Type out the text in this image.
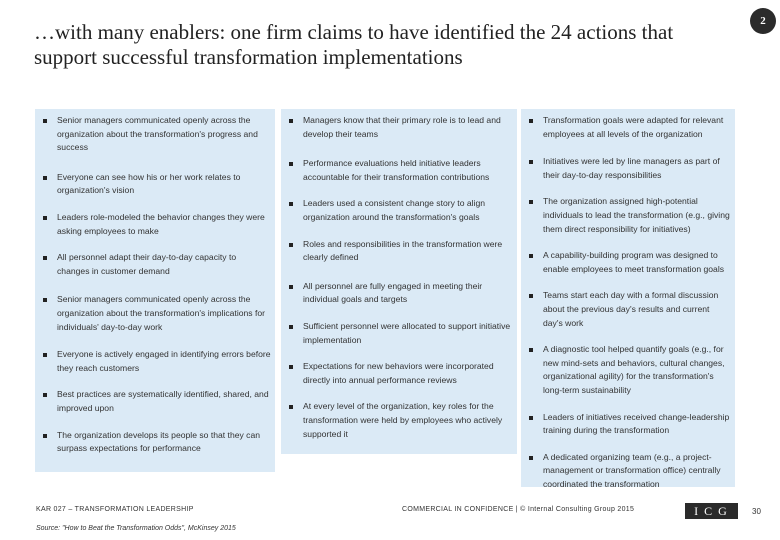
…with many enablers: one firm claims to have identified the 24 actions that support successful transformation implementations
2
Senior managers communicated openly across the organization about the transformation's progress and success
Everyone can see how his or her work relates to organization's vision
Leaders role-modeled the behavior changes they were asking employees to make
All personnel adapt their day-to-day capacity to changes in customer demand
Senior managers communicated openly across the organization about the transformation's implications for individuals' day-to-day work
Everyone is actively engaged in identifying errors before they reach customers
Best practices are systematically identified, shared, and improved upon
The organization develops its people so that they can surpass expectations for performance
Managers know that their primary role is to lead and develop their teams
Performance evaluations held initiative leaders accountable for their transformation contributions
Leaders used a consistent change story to align organization around the transformation's goals
Roles and responsibilities in the transformation were clearly defined
All personnel are fully engaged in meeting their individual goals and targets
Sufficient personnel were allocated to support initiative implementation
Expectations for new behaviors were incorporated directly into annual performance reviews
At every level of the organization, key roles for the transformation were held by employees who actively supported it
Transformation goals were adapted for relevant employees at all levels of the organization
Initiatives were led by line managers as part of their day-to-day responsibilities
The organization assigned high-potential individuals to lead the transformation (e.g., giving them direct responsibility for initiatives)
A capability-building program was designed to enable employees to meet transformation goals
Teams start each day with a formal discussion about the previous day's results and current day's work
A diagnostic tool helped quantify goals (e.g., for new mind-sets and behaviors, cultural changes, organizational agility) for the transformation's long-term sustainability
Leaders of initiatives received change-leadership training during the transformation
A dedicated organizing team (e.g., a project-management or transformation office) centrally coordinated the transformation
KAR 027 – TRANSFORMATION LEADERSHIP
Source: "How to Beat the Transformation Odds", McKinsey 2015
COMMERCIAL IN CONFIDENCE | © Internal Consulting Group 2015	ICG	30
